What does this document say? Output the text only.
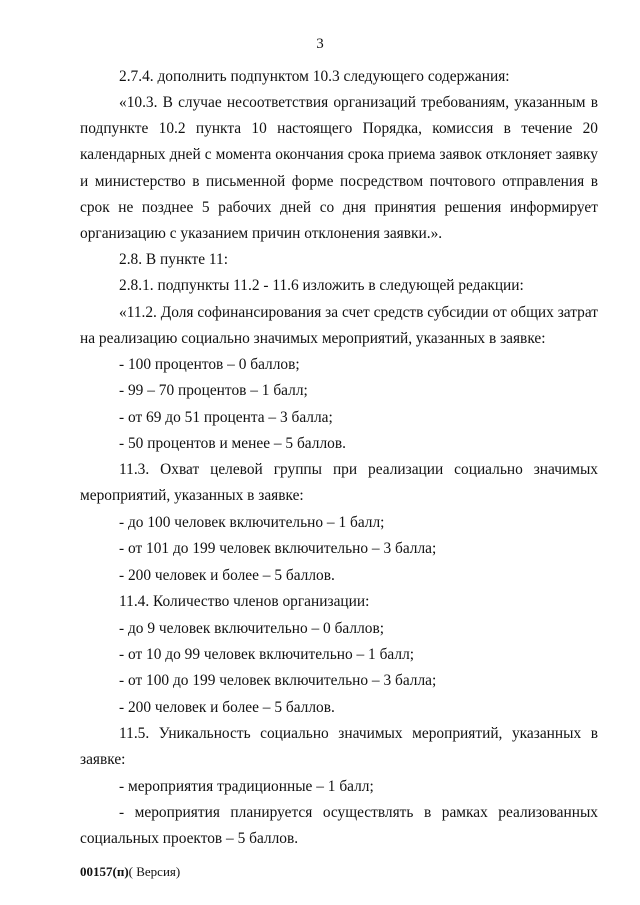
3

2.7.4. дополнить подпунктом 10.3 следующего содержания:

«10.3. В случае несоответствия организаций требованиям, указанным в подпункте 10.2 пункта 10 настоящего Порядка, комиссия в течение 20 календарных дней с момента окончания срока приема заявок отклоняет заявку и министерство в письменной форме посредством почтового отправления в срок не позднее 5 рабочих дней со дня принятия решения информирует организацию с указанием причин отклонения заявки.».

2.8. В пункте 11:

2.8.1. подпункты 11.2 - 11.6 изложить в следующей редакции:

«11.2. Доля софинансирования за счет средств субсидии от общих затрат на реализацию социально значимых мероприятий, указанных в заявке:

- 100 процентов – 0 баллов;

- 99 – 70 процентов – 1 балл;

- от 69 до 51 процента – 3 балла;

- 50 процентов и менее – 5 баллов.

11.3. Охват целевой группы при реализации социально значимых мероприятий, указанных в заявке:

- до 100 человек включительно – 1 балл;

- от 101 до 199 человек включительно – 3 балла;

- 200 человек и более – 5 баллов.

11.4. Количество членов организации:

- до 9 человек включительно – 0 баллов;

- от 10 до 99 человек включительно – 1 балл;

- от 100 до 199 человек включительно – 3 балла;

- 200 человек и более – 5 баллов.

11.5. Уникальность социально значимых мероприятий, указанных в заявке:

- мероприятия традиционные – 1 балл;

- мероприятия планируется осуществлять в рамках реализованных социальных проектов – 5 баллов.

00157(п)( Версия)
